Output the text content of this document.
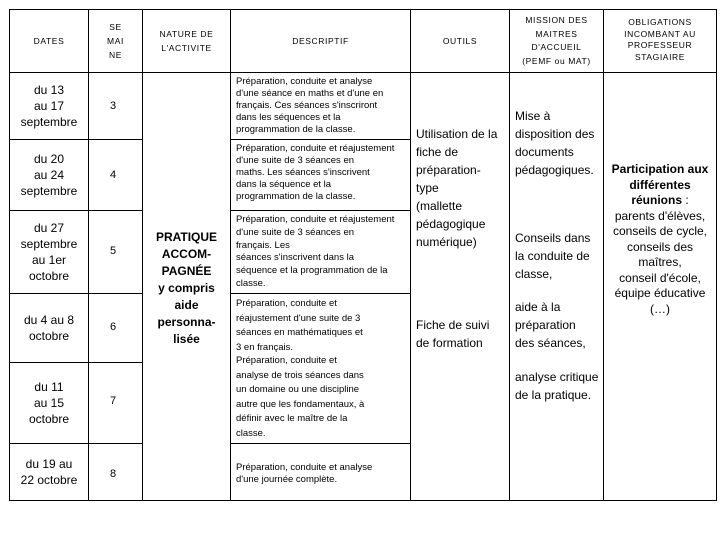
DATES
SE
MAI
NE
NATURE DE
L'ACTIVITE
DESCRIPTIF	OUTILS
MISSION DES
MAITRES
D'ACCUEIL
(PEMF ou MAT)
OBLIGATIONS
INCOMBANT AU
PROFESSEUR
STAGIAIRE
du 13
au 17
septembre
du 20
au 24
septembre
du 27
septembre
au 1er
octobre
du 4 au 8
octobre
du 11
au 15
octobre
du 19 au
22 octobre
3
4
5
6
7
8
PRATIQUE
ACCOM-
PAGNÉE
y compris
aide
personna-
lisée
Préparation, conduite et analyse
d'une séance en maths et d'une en
français. Ces séances s'inscriront
dans les séquences et la
programmation de la classe.
Préparation, conduite et réajustement
d'une suite de 3 séances en
maths. Les séances s'inscrivent
dans la séquence et la
programmation de la classe.
Préparation, conduite et réajustement
d'une suite de 3 séances en
français. Les
séances s'inscrivent dans la
séquence et la programmation de la
classe.
Préparation, conduite et
réajustement d'une suite de 3
séances en mathématiques et
3 en français.
Préparation, conduite et
analyse de trois séances dans
un domaine ou une discipline
autre que les fondamentaux, à
définir avec le maître de la
classe.
Préparation, conduite et analyse
d'une journée complète.
Utilisation de la
fiche de
préparation-
type
(mallette
pédagogique
numérique)
Fiche de suivi
de formation
Mise à
disposition des
documents
pédagogiques.
Conseils dans
la conduite de
classe,
aide à la
préparation
des séances,
analyse critique
de la pratique.
Participation aux
différentes
réunions :
parents d'élèves,
conseils de cycle,
conseils des
maîtres,
conseil d'école,
équipe éducative
(…)
